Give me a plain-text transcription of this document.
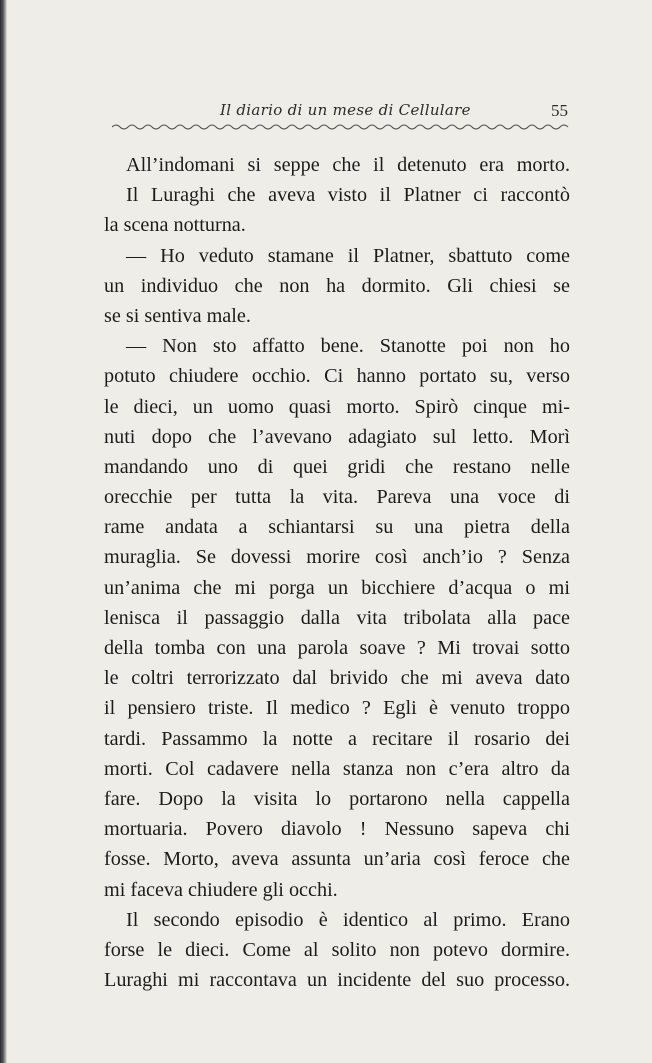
Il diario di un mese di Cellulare	55
All’indomani si seppe che il detenuto era morto.
Il Luraghi che aveva visto il Platner ci raccontò
la scena notturna.
— Ho veduto stamane il Platner, sbattuto come
un individuo che non ha dormito. Gli chiesi se
se si sentiva male.
— Non sto affatto bene. Stanotte poi non ho
potuto chiudere occhio. Ci hanno portato su, verso
le dieci, un uomo quasi morto. Spirò cinque mi-
nuti dopo che l’avevano adagiato sul letto. Morì
mandando uno di quei gridi che restano nelle
orecchie per tutta la vita. Pareva una voce di
rame andata a schiantarsi su una pietra della
muraglia. Se dovessi morire così anch’io ? Senza
un’anima che mi porga un bicchiere d’acqua o mi
lenisca il passaggio dalla vita tribolata alla pace
della tomba con una parola soave ? Mi trovai sotto
le coltri terrorizzato dal brivido che mi aveva dato
il pensiero triste. Il medico ? Egli è venuto troppo
tardi. Passammo la notte a recitare il rosario dei
morti. Col cadavere nella stanza non c’era altro da
fare. Dopo la visita lo portarono nella cappella
mortuaria. Povero diavolo ! Nessuno sapeva chi
fosse. Morto, aveva assunta un’aria così feroce che
mi faceva chiudere gli occhi.
Il secondo episodio è identico al primo. Erano
forse le dieci. Come al solito non potevo dormire.
Luraghi mi raccontava un incidente del suo processo.
